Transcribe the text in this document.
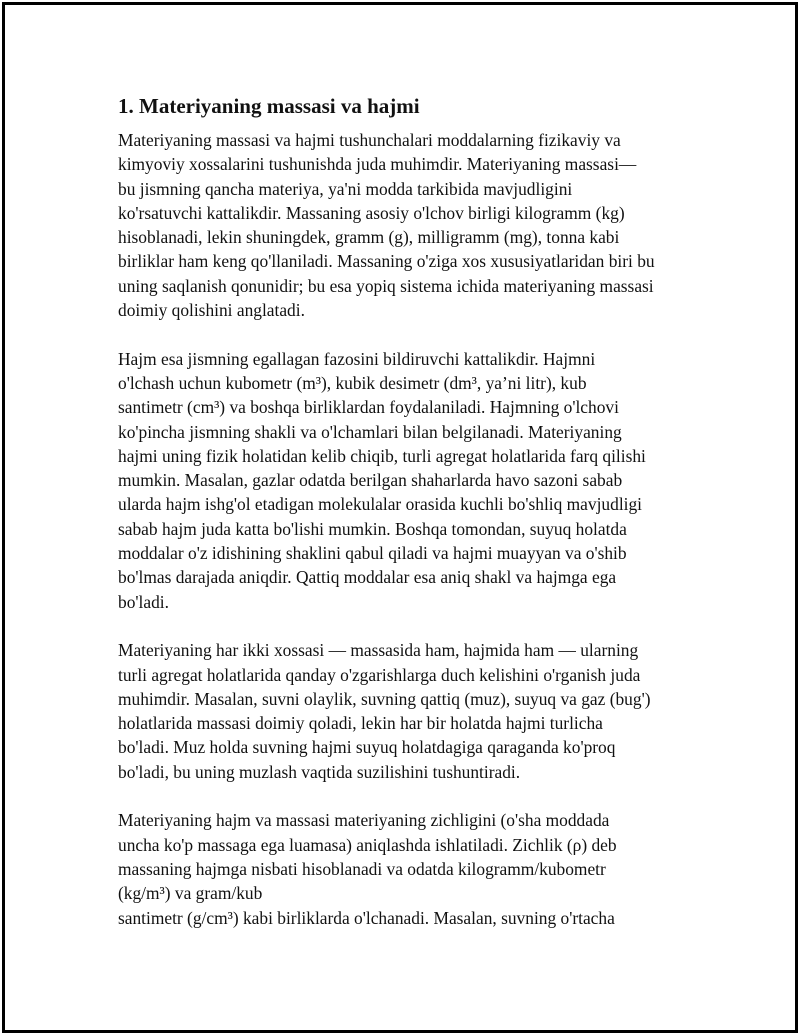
1. Materiyaning massasi va hajmi

Materiyaning massasi va hajmi tushunchalari moddalarning fizikaviy va
kimyoviy xossalarini tushunishda juda muhimdir. Materiyaning massasi—
bu jismning qancha materiya, ya'ni modda tarkibida mavjudligini
ko'rsatuvchi kattalikdir. Massaning asosiy o'lchov birligi kilogramm (kg)
hisoblanadi, lekin shuningdek, gramm (g), milligramm (mg), tonna kabi
birliklar ham keng qo'llaniladi. Massaning o'ziga xos xususiyatlaridan biri bu
uning saqlanish qonunidir; bu esa yopiq sistema ichida materiyaning massasi
doimiy qolishini anglatadi.

Hajm esa jismning egallagan fazosini bildiruvchi kattalikdir. Hajmni
o'lchash uchun kubometr (m³), kubik desimetr (dm³, ya’ni litr), kub
santimetr (cm³) va boshqa birliklardan foydalaniladi. Hajmning o'lchovi
ko'pincha jismning shakli va o'lchamlari bilan belgilanadi. Materiyaning
hajmi uning fizik holatidan kelib chiqib, turli agregat holatlarida farq qilishi
mumkin. Masalan, gazlar odatda berilgan shaharlarda havo sazoni sabab
ularda hajm ishg'ol etadigan molekulalar orasida kuchli bo'shliq mavjudligi
sabab hajm juda katta bo'lishi mumkin. Boshqa tomondan, suyuq holatda
moddalar o'z idishining shaklini qabul qiladi va hajmi muayyan va o'shib
bo'lmas darajada aniqdir. Qattiq moddalar esa aniq shakl va hajmga ega
bo'ladi.

Materiyaning har ikki xossasi — massasida ham, hajmida ham — ularning
turli agregat holatlarida qanday o'zgarishlarga duch kelishini o'rganish juda
muhimdir. Masalan, suvni olaylik, suvning qattiq (muz), suyuq va gaz (bug')
holatlarida massasi doimiy qoladi, lekin har bir holatda hajmi turlicha
bo'ladi. Muz holda suvning hajmi suyuq holatdagiga qaraganda ko'proq
bo'ladi, bu uning muzlash vaqtida suzilishini tushuntiradi.

Materiyaning hajm va massasi materiyaning zichligini (o'sha moddada
uncha ko'p massaga ega luamasa) aniqlashda ishlatiladi. Zichlik (ρ) deb
massaning hajmga nisbati hisoblanadi va odatda kilogramm/kubometr
(kg/m³) va gram/kub
santimetr (g/cm³) kabi birliklarda o'lchanadi. Masalan, suvning o'rtacha
